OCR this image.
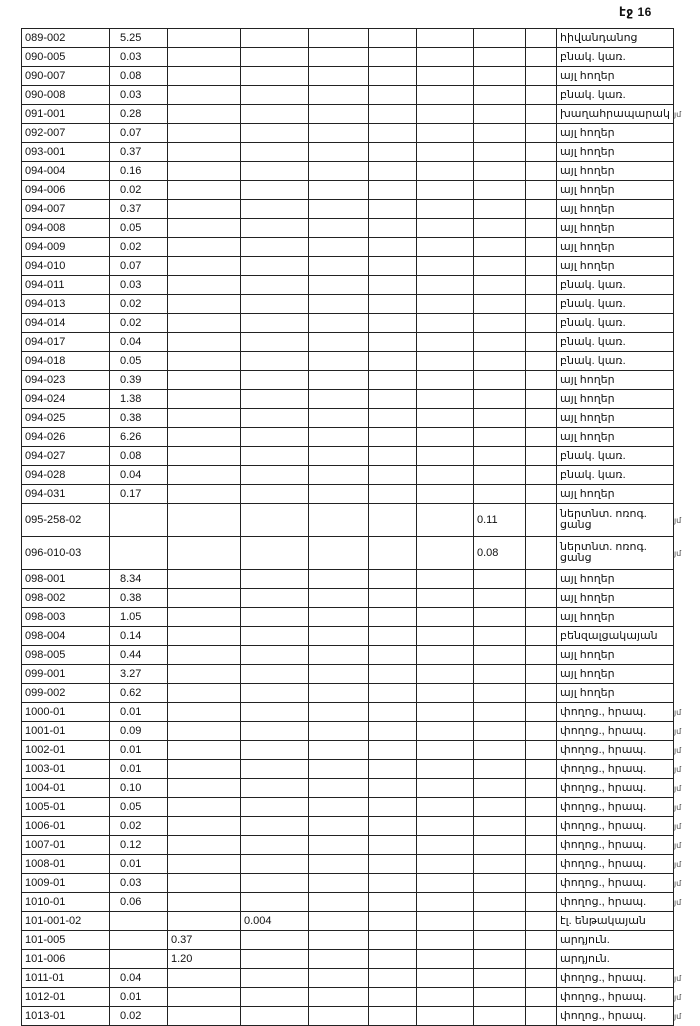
էջ 16
089-002	5.25								հիվանդանոց
090-005	0.03								բնակ. կառ.
090-007	0.08								այլ հողեր
090-008	0.03								բնակ. կառ.
091-001	0.28								խաղահրապարակ
092-007	0.07								այլ հողեր
093-001	0.37								այլ հողեր
094-004	0.16								այլ հողեր
094-006	0.02								այլ հողեր
094-007	0.37								այլ հողեր
094-008	0.05								այլ հողեր
094-009	0.02								այլ հողեր
094-010	0.07								այլ հողեր
094-011	0.03								բնակ. կառ.
094-013	0.02								բնակ. կառ.
094-014	0.02								բնակ. կառ.
094-017	0.04								բնակ. կառ.
094-018	0.05								բնակ. կառ.
094-023	0.39								այլ հողեր
094-024	1.38								այլ հողեր
094-025	0.38								այլ հողեր
094-026	6.26								այլ հողեր
094-027	0.08								բնակ. կառ.
094-028	0.04								բնակ. կառ.
094-031	0.17								այլ հողեր
095-258-02							0.11		ներտնտ. ոռոգ. ցանց
096-010-03							0.08		ներտնտ. ոռոգ. ցանց
098-001	8.34								այլ հողեր
098-002	0.38								այլ հողեր
098-003	1.05								այլ հողեր
098-004	0.14								բենզալցակայան
098-005	0.44								այլ հողեր
099-001	3.27								այլ հողեր
099-002	0.62								այլ հողեր
1000-01	0.01								փողոց., հրապ.
1001-01	0.09								փողոց., հրապ.
1002-01	0.01								փողոց., հրապ.
1003-01	0.01								փողոց., հրապ.
1004-01	0.10								փողոց., հրապ.
1005-01	0.05								փողոց., հրապ.
1006-01	0.02								փողոց., հրապ.
1007-01	0.12								փողոց., հրապ.
1008-01	0.01								փողոց., հրապ.
1009-01	0.03								փողոց., հրապ.
1010-01	0.06								փողոց., հրապ.
101-001-02			0.004						էլ. ենթակայան
101-005		0.37							արդյուն.
101-006		1.20							արդյուն.
1011-01	0.04								փողոց., հրապ.
1012-01	0.01								փողոց., հրապ.
1013-01	0.02								փողոց., հրապ.
յմ
յմ
յմ
յմ
յմ
յմ
յմ
յմ
յմ
յմ
յմ
յմ
յմ
յմ
յմ
յմ
յմ
